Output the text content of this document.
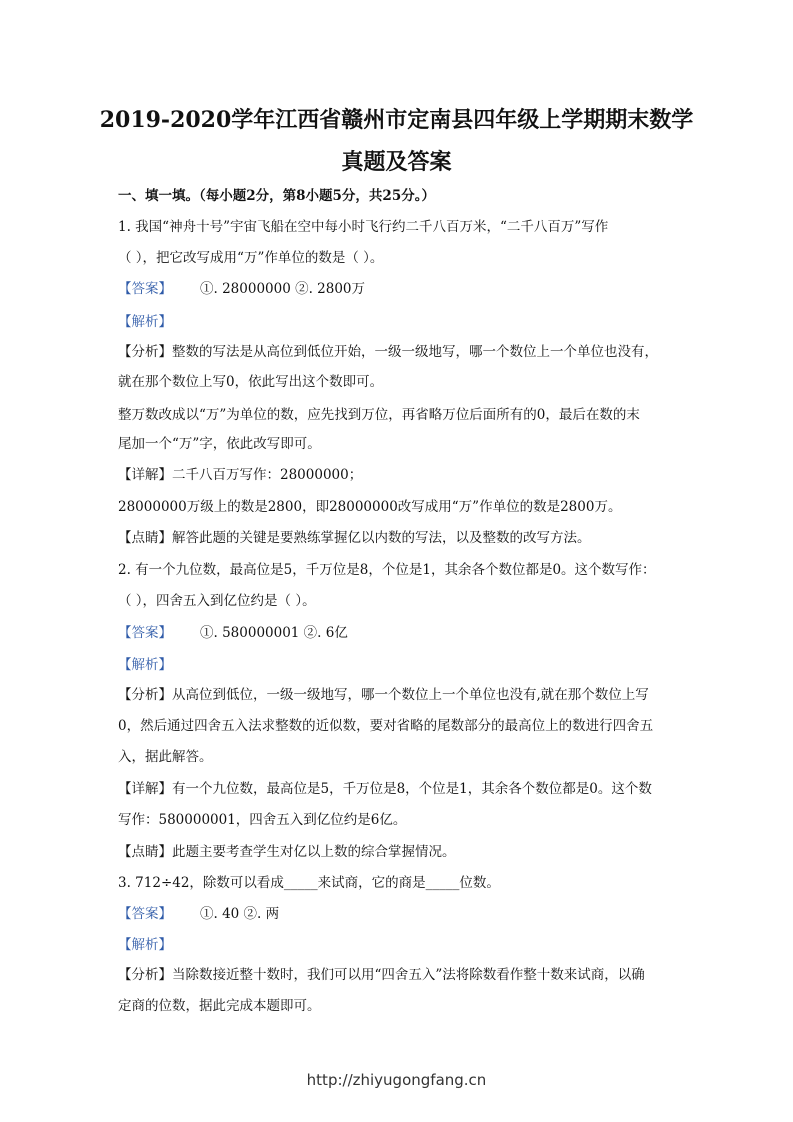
2019-2020学年江西省赣州市定南县四年级上学期期末数学
真题及答案
一、填一填。（每小题2分，第8小题5分，共25分。）
1. 我国“神舟十号”宇宙飞船在空中每小时飞行约二千八百万米，“二千八百万”写作
（ ），把它改写成用“万”作单位的数是（ ）。
【答案】 ①. 28000000 ②. 2800万
【解析】
【分析】整数的写法是从高位到低位开始，一级一级地写，哪一个数位上一个单位也没有，
就在那个数位上写0，依此写出这个数即可。
整万数改成以“万”为单位的数，应先找到万位，再省略万位后面所有的0，最后在数的末
尾加一个“万”字，依此改写即可。
【详解】二千八百万写作：28000000；
28000000万级上的数是2800，即28000000改写成用“万”作单位的数是2800万。
【点睛】解答此题的关键是要熟练掌握亿以内数的写法，以及整数的改写方法。
2. 有一个九位数，最高位是5，千万位是8，个位是1，其余各个数位都是0。这个数写作：
（ ），四舍五入到亿位约是（ ）。
【答案】 ①. 580000001 ②. 6亿
【解析】
【分析】从高位到低位，一级一级地写，哪一个数位上一个单位也没有,就在那个数位上写
0，然后通过四舍五入法求整数的近似数，要对省略的尾数部分的最高位上的数进行四舍五
入，据此解答。
【详解】有一个九位数，最高位是5，千万位是8，个位是1，其余各个数位都是0。这个数
写作：580000001，四舍五入到亿位约是6亿。
【点睛】此题主要考查学生对亿以上数的综合掌握情况。
3. 712÷42，除数可以看成_____来试商，它的商是_____位数。
【答案】 ①. 40 ②. 两
【解析】
【分析】当除数接近整十数时，我们可以用“四舍五入”法将除数看作整十数来试商，以确
定商的位数，据此完成本题即可。
http://zhiyugongfang.cn
